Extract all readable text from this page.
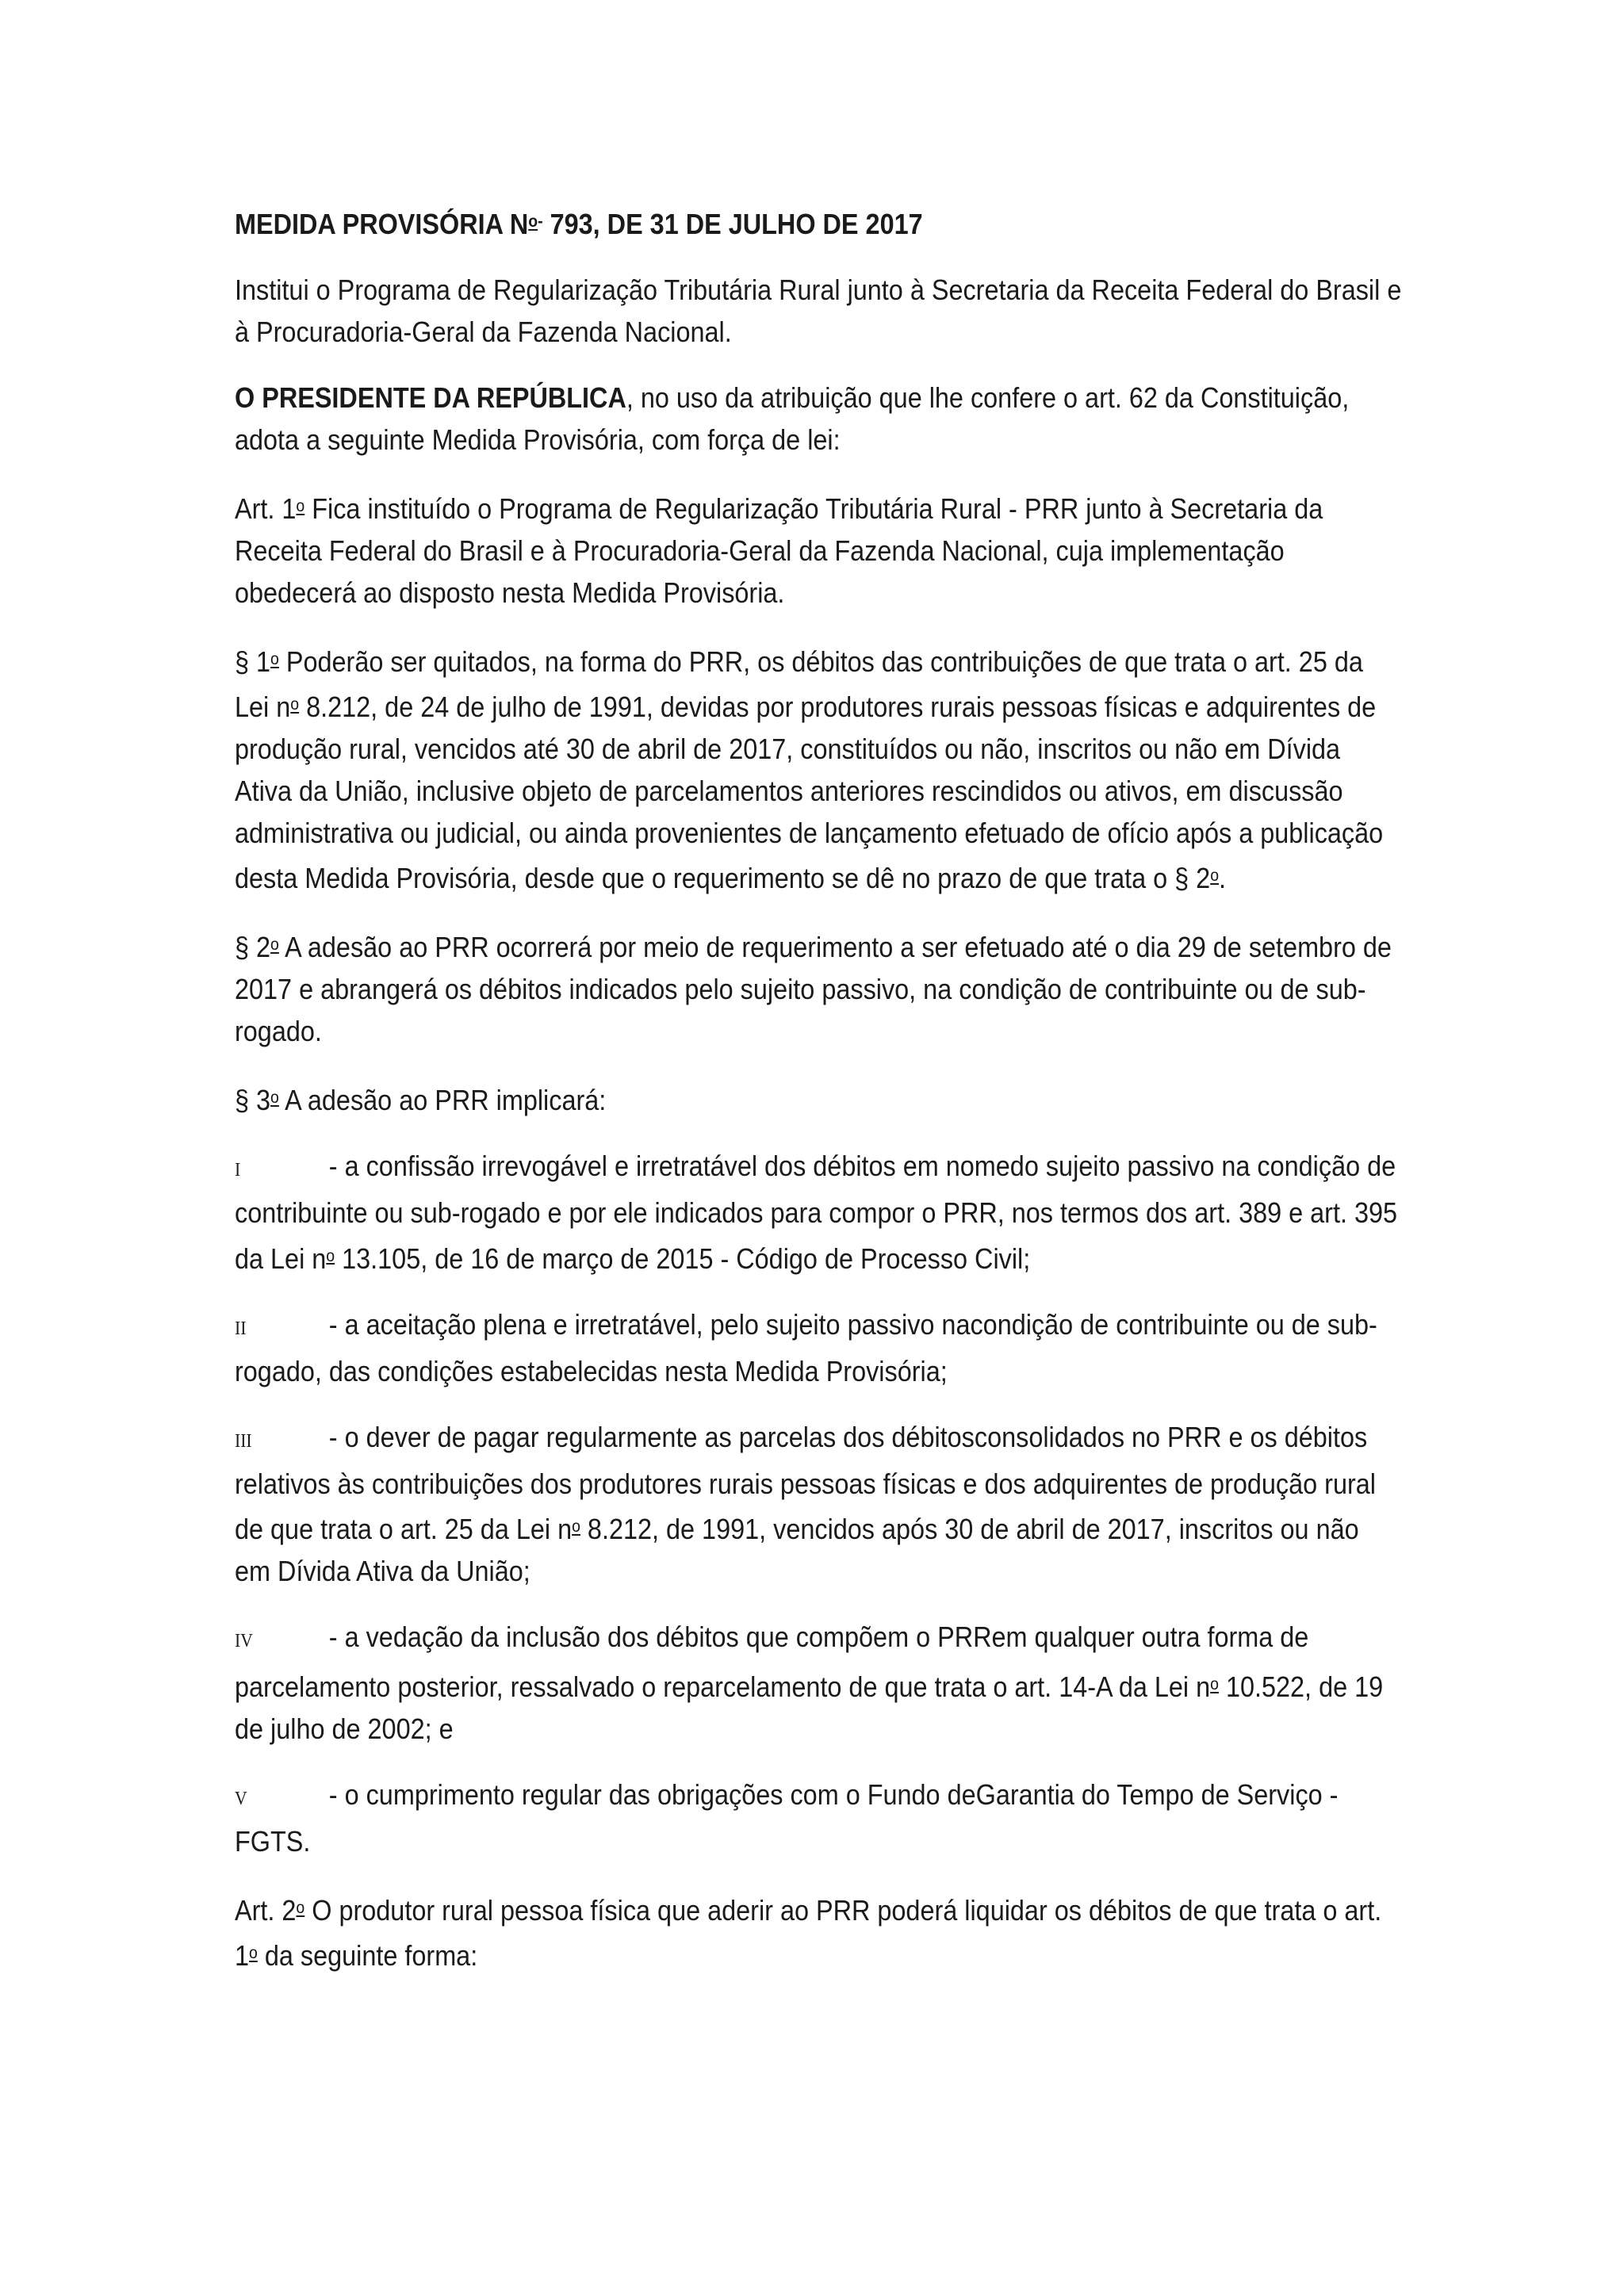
MEDIDA PROVISÓRIA $N^{o-}$ 793, DE 31 DE JULHO DE 2017

Institui o Programa de Regularização Tributária Rural junto à Secretaria da Receita Federal do Brasil e à Procuradoria-Geral da Fazenda Nacional.

O PRESIDENTE DA REPÚBLICA, no uso da atribuição que lhe confere o art. 62 da Constituição, adota a seguinte Medida Provisória, com força de lei:

Art. 1$^o$ Fica instituído o Programa de Regularização Tributária Rural - PRR junto à Secretaria da Receita Federal do Brasil e à Procuradoria-Geral da Fazenda Nacional, cuja implementação obedecerá ao disposto nesta Medida Provisória.

§ 1$^o$ Poderão ser quitados, na forma do PRR, os débitos das contribuições de que trata o art. 25 da Lei $n^o$ 8.212, de 24 de julho de 1991, devidas por produtores rurais pessoas físicas e adquirentes de produção rural, vencidos até 30 de abril de 2017, constituídos ou não, inscritos ou não em Dívida Ativa da União, inclusive objeto de parcelamentos anteriores rescindidos ou ativos, em discussão administrativa ou judicial, ou ainda provenientes de lançamento efetuado de ofício após a publicação desta Medida Provisória, desde que o requerimento se dê no prazo de que trata o § 2$^o$.

§ 2$^o$ A adesão ao PRR ocorrerá por meio de requerimento a ser efetuado até o dia 29 de setembro de 2017 e abrangerá os débitos indicados pelo sujeito passivo, na condição de contribuinte ou de sub-rogado.

§ 3$^o$ A adesão ao PRR implicará:

I	- a confissão irrevogável e irretratável dos débitos em nomedo sujeito passivo na condição de contribuinte ou sub-rogado e por ele indicados para compor o PRR, nos termos dos art. 389 e art. 395 da Lei $n^o$ 13.105, de 16 de março de 2015 - Código de Processo Civil;

II	- a aceitação plena e irretratável, pelo sujeito passivo nacondição de contribuinte ou de sub-rogado, das condições estabelecidas nesta Medida Provisória;

III	- o dever de pagar regularmente as parcelas dos débitosconsolidados no PRR e os débitos relativos às contribuições dos produtores rurais pessoas físicas e dos adquirentes de produção rural de que trata o art. 25 da Lei $n^o$ 8.212, de 1991, vencidos após 30 de abril de 2017, inscritos ou não em Dívida Ativa da União;

IV	- a vedação da inclusão dos débitos que compõem o PRRem qualquer outra forma de parcelamento posterior, ressalvado o reparcelamento de que trata o art. 14-A da Lei $n^o$ 10.522, de 19 de julho de 2002; e

V	- o cumprimento regular das obrigações com o Fundo deGarantia do Tempo de Serviço - FGTS.

Art. 2$^o$ O produtor rural pessoa física que aderir ao PRR poderá liquidar os débitos de que trata o art. 1$^o$ da seguinte forma:
